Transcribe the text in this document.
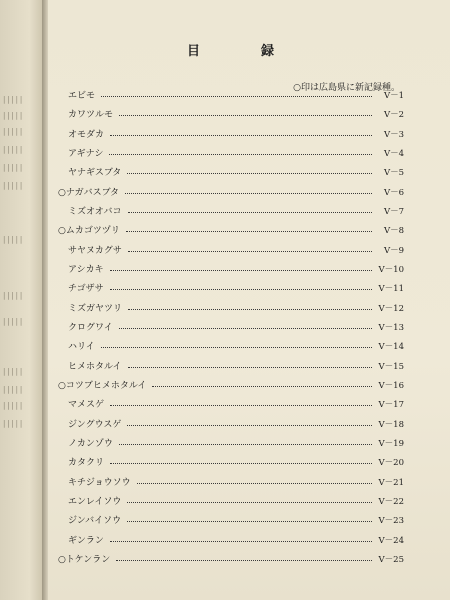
│││││
│││││
│││││
│││││
│││││
│││││
│││││
│││││
│││││
│││││
│││││
│││││
│││││
目	録
○印は広島県に新記録種。
エビモ	V－1
カワツルモ	V－2
オモダカ	V－3
アギナシ	V－4
ヤナギスブタ	V－5
○ナガバスブタ	V－6
ミズオオバコ	V－7
○ムカゴツヅリ	V－8
サヤヌカグサ	V－9
アシカキ	V－10
チゴザサ	V－11
ミズガヤツリ	V－12
クログワイ	V－13
ハリイ	V－14
ヒメホタルイ	V－15
○コツブヒメホタルイ	V－16
マメスゲ	V－17
ジングウスゲ	V－18
ノカンゾウ	V－19
カタクリ	V－20
キチジョウソウ	V－21
エンレイソウ	V－22
ジンバイソウ	V－23
ギンラン	V－24
○トケンラン	V－25
